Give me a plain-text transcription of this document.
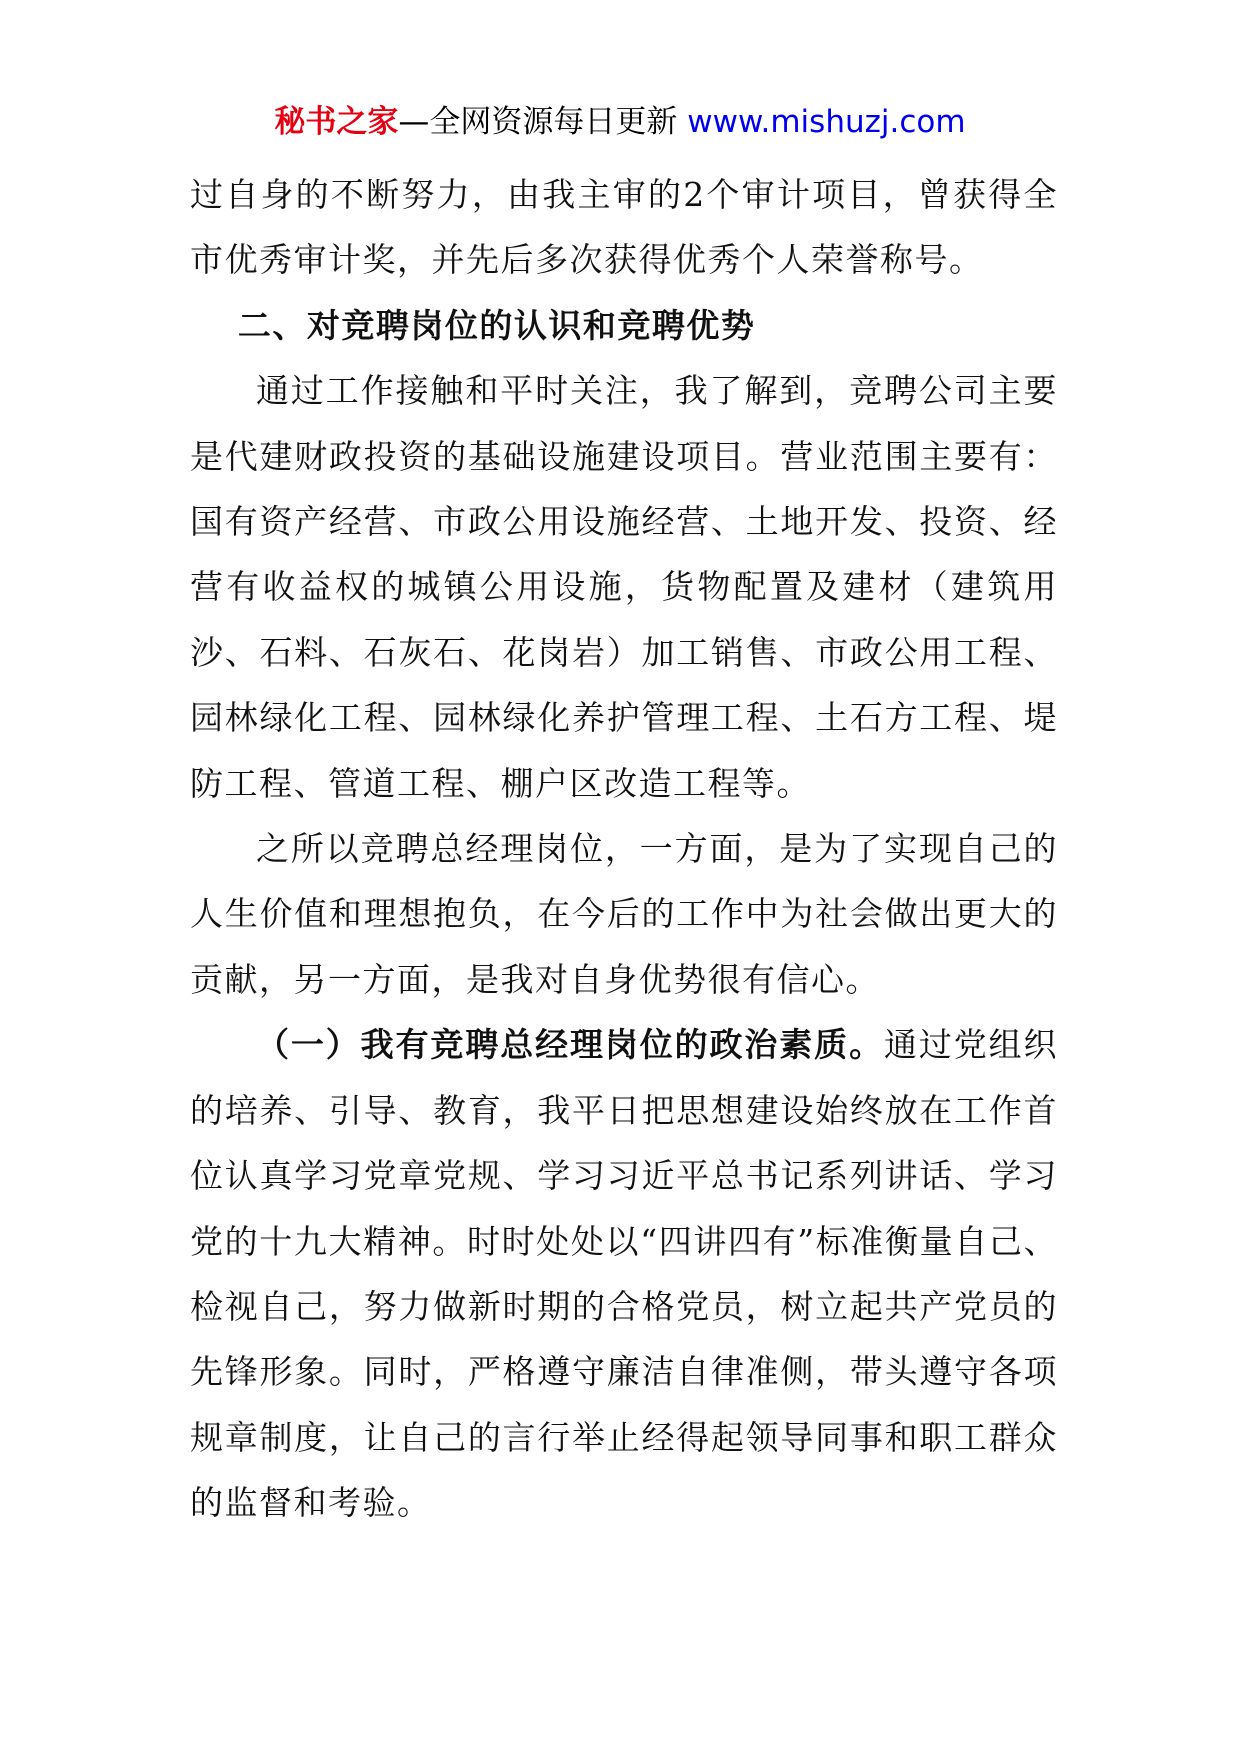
秘书之家—全网资源每日更新 www.mishuzj.com

过自身的不断努力，由我主审的2个审计项目，曾获得全市优秀审计奖，并先后多次获得优秀个人荣誉称号。

二、对竞聘岗位的认识和竞聘优势

通过工作接触和平时关注，我了解到，竞聘公司主要是代建财政投资的基础设施建设项目。营业范围主要有：国有资产经营、市政公用设施经营、土地开发、投资、经营有收益权的城镇公用设施，货物配置及建材（建筑用沙、石料、石灰石、花岗岩）加工销售、市政公用工程、园林绿化工程、园林绿化养护管理工程、土石方工程、堤防工程、管道工程、棚户区改造工程等。

之所以竞聘总经理岗位，一方面，是为了实现自己的人生价值和理想抱负，在今后的工作中为社会做出更大的贡献，另一方面，是我对自身优势很有信心。

（一）我有竞聘总经理岗位的政治素质。通过党组织的培养、引导、教育，我平日把思想建设始终放在工作首位认真学习党章党规、学习习近平总书记系列讲话、学习党的十九大精神。时时处处以“四讲四有”标准衡量自己、检视自己，努力做新时期的合格党员，树立起共产党员的先锋形象。同时，严格遵守廉洁自律准侧，带头遵守各项规章制度，让自己的言行举止经得起领导同事和职工群众的监督和考验。
